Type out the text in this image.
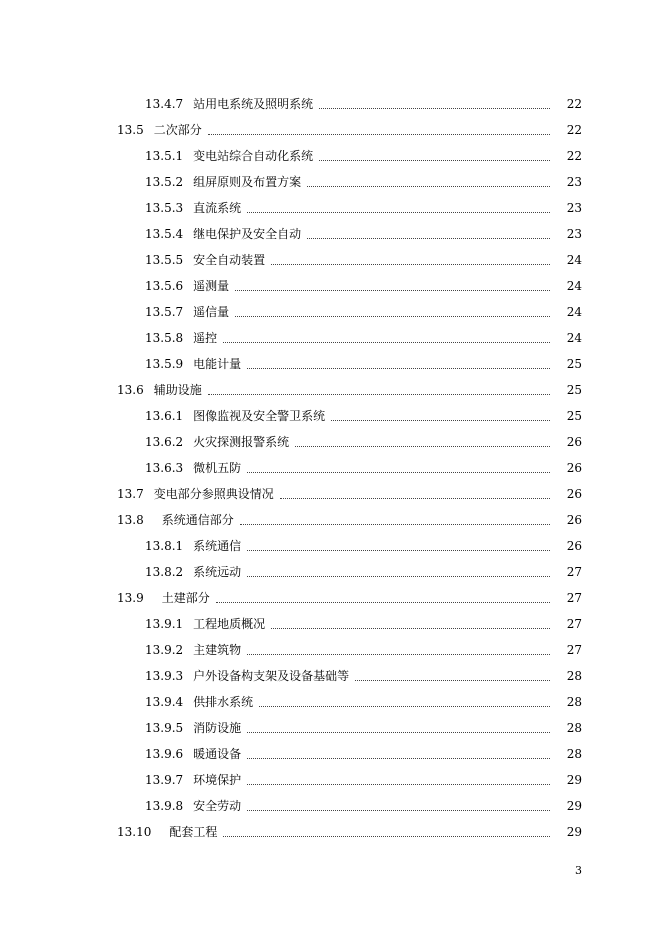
13.4.7 站用电系统及照明系统	22
13.5 二次部分	22
13.5.1 变电站综合自动化系统	22
13.5.2 组屏原则及布置方案	23
13.5.3 直流系统	23
13.5.4 继电保护及安全自动	23
13.5.5 安全自动装置	24
13.5.6 遥测量	24
13.5.7 遥信量	24
13.5.8 遥控	24
13.5.9 电能计量	25
13.6 辅助设施	25
13.6.1 图像监视及安全警卫系统	25
13.6.2 火灾探测报警系统	26
13.6.3 微机五防	26
13.7 变电部分参照典设情况	26
13.8 系统通信部分	26
13.8.1 系统通信	26
13.8.2 系统远动	27
13.9 土建部分	27
13.9.1 工程地质概况	27
13.9.2 主建筑物	27
13.9.3 户外设备构支架及设备基础等	28
13.9.4 供排水系统	28
13.9.5 消防设施	28
13.9.6 暖通设备	28
13.9.7 环境保护	29
13.9.8 安全劳动	29
13.10 配套工程	29
3
